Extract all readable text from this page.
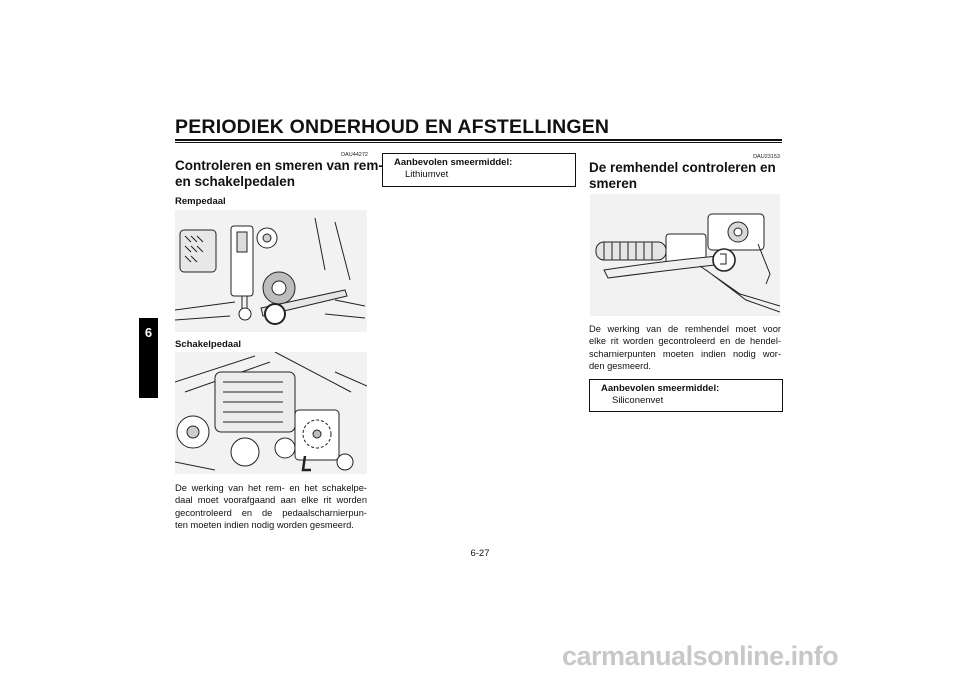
PERIODIEK ONDERHOUD EN AFSTELLINGEN
6
DAU44272
Controleren en smeren van rem-
en schakelpedalen
Rempedaal
Schakelpedaal
De werking van het rem- en het schakelpe-
daal moet voorafgaand aan elke rit worden
gecontroleerd en de pedaalscharnierpun-
ten moeten indien nodig worden gesmeerd.
Aanbevolen smeermiddel:
Lithiumvet
DAU23153
De remhendel controleren en
smeren
De werking van de remhendel moet voor
elke rit worden gecontroleerd en de hendel-
scharnierpunten moeten indien nodig wor-
den gesmeerd.
Aanbevolen smeermiddel:
Siliconenvet
6-27
carmanualsonline.info
